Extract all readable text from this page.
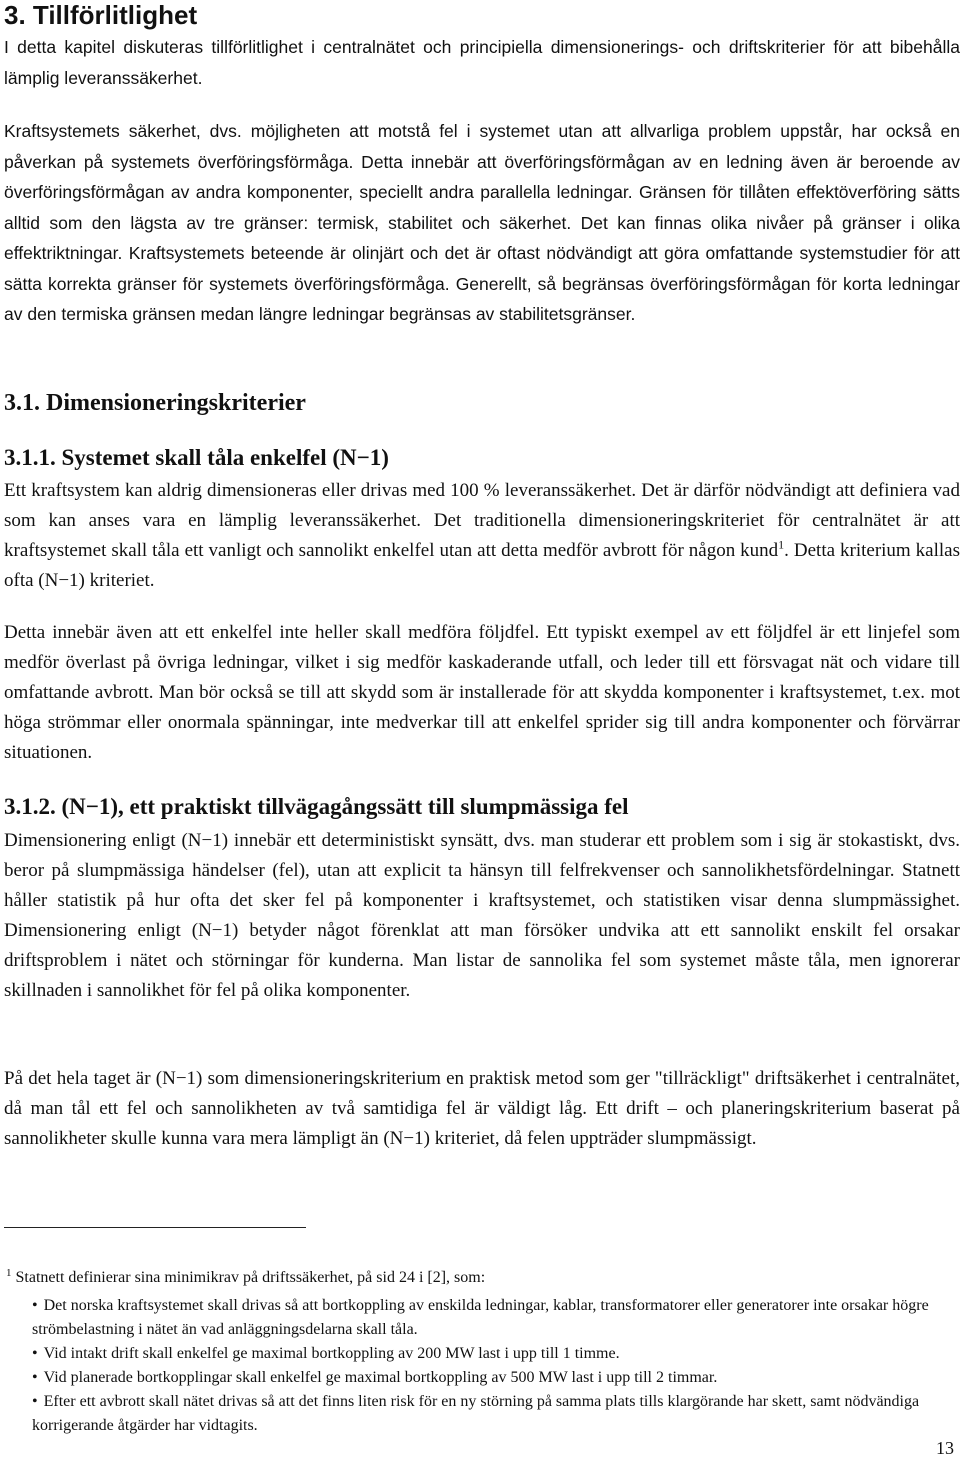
3. Tillförlitlighet

I detta kapitel diskuteras tillförlitlighet i centralnätet och principiella dimensionerings- och driftskriterier för att bibehålla lämplig leveranssäkerhet.

Kraftsystemets säkerhet, dvs. möjligheten att motstå fel i systemet utan att allvarliga problem uppstår, har också en påverkan på systemets överföringsförmåga. Detta innebär att överföringsförmågan av en ledning även är beroende av överföringsförmågan av andra komponenter, speciellt andra parallella ledningar. Gränsen för tillåten effektöverföring sätts alltid som den lägsta av tre gränser: termisk, stabilitet och säkerhet. Det kan finnas olika nivåer på gränser i olika effektriktningar. Kraftsystemets beteende är olinjärt och det är oftast nödvändigt att göra omfattande systemstudier för att sätta korrekta gränser för systemets överföringsförmåga. Generellt, så begränsas överföringsförmågan för korta ledningar av den termiska gränsen medan längre ledningar begränsas av stabilitetsgränser.

3.1. Dimensioneringskriterier
3.1.1. Systemet skall tåla enkelfel (N−1)

Ett kraftsystem kan aldrig dimensioneras eller drivas med 100 % leveranssäkerhet. Det är därför nödvändigt att definiera vad som kan anses vara en lämplig leveranssäkerhet. Det traditionella dimensioneringskriteriet för centralnätet är att kraftsystemet skall tåla ett vanligt och sannolikt enkelfel utan att detta medför avbrott för någon kund$^1$. Detta kriterium kallas ofta (N−1) kriteriet.

Detta innebär även att ett enkelfel inte heller skall medföra följdfel. Ett typiskt exempel av ett följdfel är ett linjefel som medför överlast på övriga ledningar, vilket i sig medför kaskaderande utfall, och leder till ett försvagat nät och vidare till omfattande avbrott. Man bör också se till att skydd som är installerade för att skydda komponenter i kraftsystemet, t.ex. mot höga strömmar eller onormala spänningar, inte medverkar till att enkelfel sprider sig till andra komponenter och förvärrar situationen.

3.1.2. (N−1), ett praktiskt tillvägagångssätt till slumpmässiga fel

Dimensionering enligt (N−1) innebär ett deterministiskt synsätt, dvs. man studerar ett problem som i sig är stokastiskt, dvs. beror på slumpmässiga händelser (fel), utan att explicit ta hänsyn till felfrekvenser och sannolikhetsfördelningar. Statnett håller statistik på hur ofta det sker fel på komponenter i kraftsystemet, och statistiken visar denna slumpmässighet. Dimensionering enligt (N−1) betyder något förenklat att man försöker undvika att ett sannolikt enskilt fel orsakar driftsproblem i nätet och störningar för kunderna. Man listar de sannolika fel som systemet måste tåla, men ignorerar skillnaden i sannolikhet för fel på olika komponenter.

På det hela taget är (N−1) som dimensioneringskriterium en praktisk metod som ger "tillräckligt" driftsäkerhet i centralnätet, då man tål ett fel och sannolikheten av två samtidiga fel är väldigt låg. Ett drift – och planeringskriterium baserat på sannolikheter skulle kunna vara mera lämpligt än (N−1) kriteriet, då felen uppträder slumpmässigt.

$^1$ Statnett definierar sina minimikrav på driftssäkerhet, på sid 24 i [2], som:

• Det norska kraftsystemet skall drivas så att bortkoppling av enskilda ledningar, kablar, transformatorer eller generatorer inte orsakar högre strömbelastning i nätet än vad anläggningsdelarna skall tåla.
• Vid intakt drift skall enkelfel ge maximal bortkoppling av 200 MW last i upp till 1 timme.
• Vid planerade bortkopplingar skall enkelfel ge maximal bortkoppling av 500 MW last i upp till 2 timmar.
• Efter ett avbrott skall nätet drivas så att det finns liten risk för en ny störning på samma plats tills klargörande har skett, samt nödvändiga korrigerande åtgärder har vidtagits.

13
